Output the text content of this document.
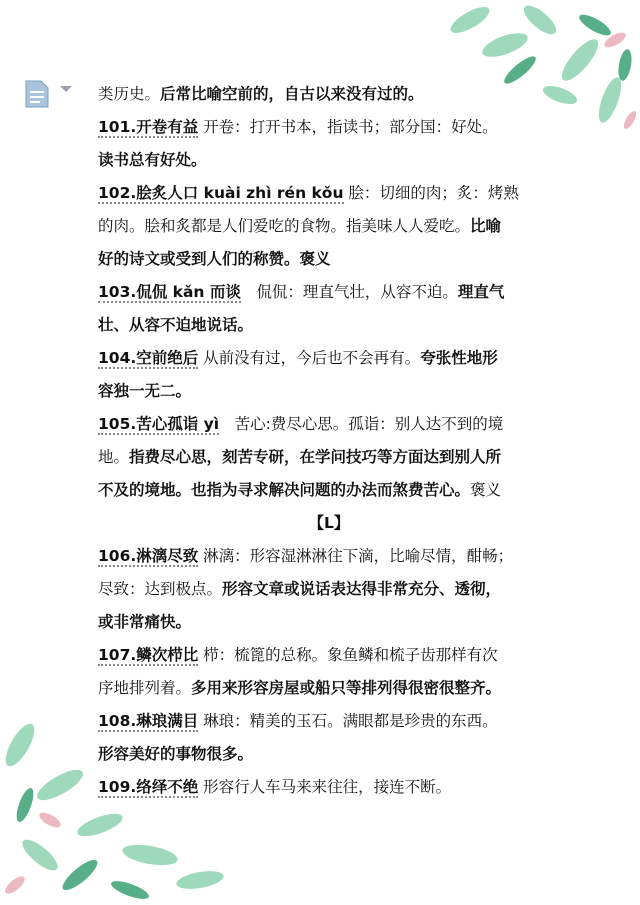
类历史。后常比喻空前的，自古以来没有过的。
101.开卷有益 开卷：打开书本，指读书；部分国：好处。
读书总有好处。
102.脍炙人口 kuài zhì rén kǒu 脍：切细的肉；炙：烤熟
的肉。脍和炙都是人们爱吃的食物。指美味人人爱吃。比喻
好的诗文或受到人们的称赞。褒义
103.侃侃 kǎn 而谈　侃侃：理直气壮，从容不迫。理直气
壮、从容不迫地说话。
104.空前绝后 从前没有过，今后也不会再有。夸张性地形
容独一无二。
105.苦心孤诣 yì　苦心:费尽心思。孤诣：别人达不到的境
地。指费尽心思，刻苦专研，在学问技巧等方面达到别人所
不及的境地。也指为寻求解决问题的办法而煞费苦心。褒义
【L】
106.淋漓尽致 淋漓：形容湿淋淋往下滴，比喻尽情，酣畅；
尽致：达到极点。形容文章或说话表达得非常充分、透彻，
或非常痛快。
107.鳞次栉比 栉：梳篦的总称。象鱼鳞和梳子齿那样有次
序地排列着。多用来形容房屋或船只等排列得很密很整齐。
108.琳琅满目 琳琅：精美的玉石。满眼都是珍贵的东西。
形容美好的事物很多。
109.络绎不绝 形容行人车马来来往往，接连不断。
